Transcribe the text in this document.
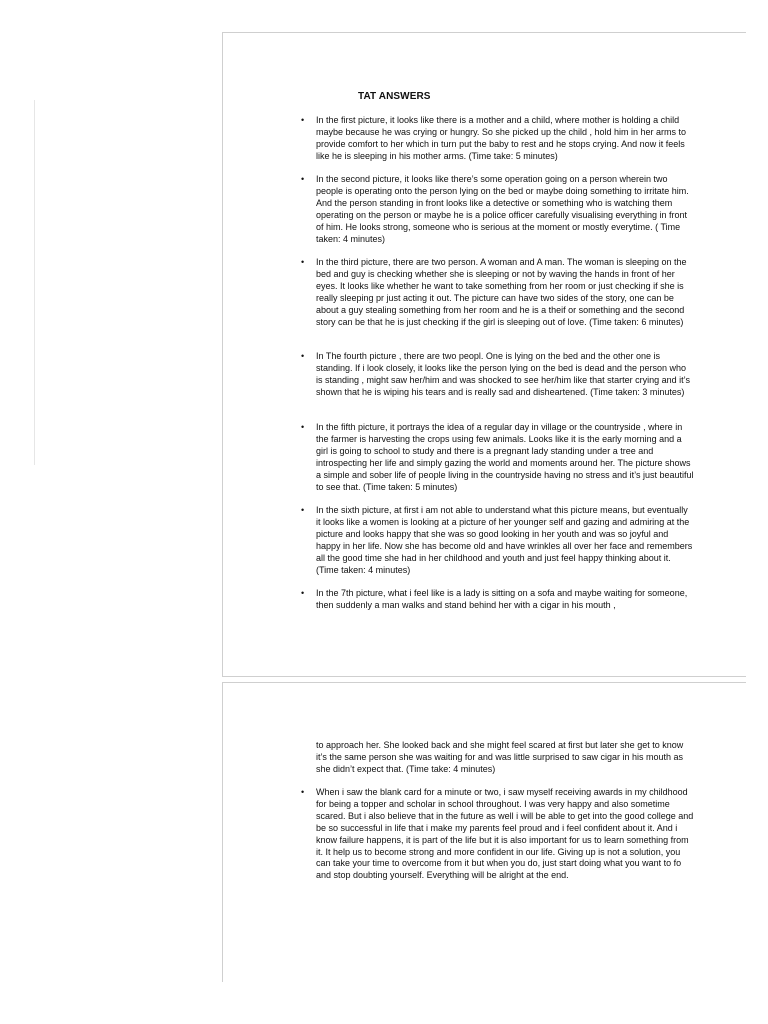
TAT ANSWERS
• In the first picture, it looks like there is a mother and a child, where mother is holding a child maybe because he was crying or hungry. So she picked up the child , hold him in her arms to provide comfort to her which in turn put the baby to rest and he stops crying. And now it feels like he is sleeping in his mother arms. (Time take: 5 minutes)
• In the second picture, it looks like there’s some operation going on a person wherein two people is operating onto the person lying on the bed or maybe doing something to irritate him. And the person standing in front looks like a detective or something who is watching them operating on the person or maybe he is a police officer carefully visualising everything in front of him. He looks strong, someone who is serious at the moment or mostly everytime. ( Time taken: 4 minutes)
• In the third picture, there are two person. A woman and A man. The woman is sleeping on the bed and guy is checking whether she is sleeping or not by waving the hands in front of her eyes. It looks like whether he want to take something from her room or just checking if she is really sleeping pr just acting it out. The picture can have two sides of the story, one can be about a guy stealing something from her room and he is a theif or something and the second story can be that he is just checking if the girl is sleeping out of love. (Time taken: 6 minutes)
• In The fourth picture , there are two peopl. One is lying on the bed and the other one is standing. If i look closely, it looks like the person lying on the bed is dead and the person who is standing , might saw her/him and was shocked to see her/him like that starter crying and it’s shown that he is wiping his tears and is really sad and disheartened. (Time taken: 3 minutes)
• In the fifth picture, it portrays the idea of a regular day in village or the countryside , where in the farmer is harvesting the crops using few animals. Looks like it is the early morning and a girl is going to school to study and there is a pregnant lady standing under a tree and introspecting her life and simply gazing the world and moments around her. The picture shows a simple and sober life of people living in the countryside having no stress and it’s just beautiful to see that. (Time taken: 5 minutes)
• In the sixth picture, at first i am not able to understand what this picture means, but eventually it looks like a women is looking at a picture of her younger self and gazing and admiring at the picture and looks happy that she was so good looking in her youth and was so joyful and happy in her life. Now she has become old and have wrinkles all over her face and remembers all the good time she had in her childhood and youth and just feel happy thinking about it. (Time taken: 4 minutes)
• In the 7th picture, what i feel like is a lady is sitting on a sofa and maybe waiting for someone, then suddenly a man walks and stand behind her with a cigar in his mouth ,
to approach her. She looked back and she might feel scared at first but later she get to know it’s the same person she was waiting for and was little surprised to saw cigar in his mouth as she didn’t expect that. (Time take: 4 minutes)
• When i saw the blank card for a minute or two, i saw myself receiving awards in my childhood for being a topper and scholar in school throughout. I was very happy and also sometime scared. But i also believe that in the future as well i will be able to get into the good college and be so successful in life that i make my parents feel proud and i feel confident about it. And i know failure happens, it is part of the life but it is also important for us to learn something from it. It help us to become strong and more confident in our life. Giving up is not a solution, you can take your time to overcome from it but when you do, just start doing what you want to fo and stop doubting yourself. Everything will be alright at the end.
